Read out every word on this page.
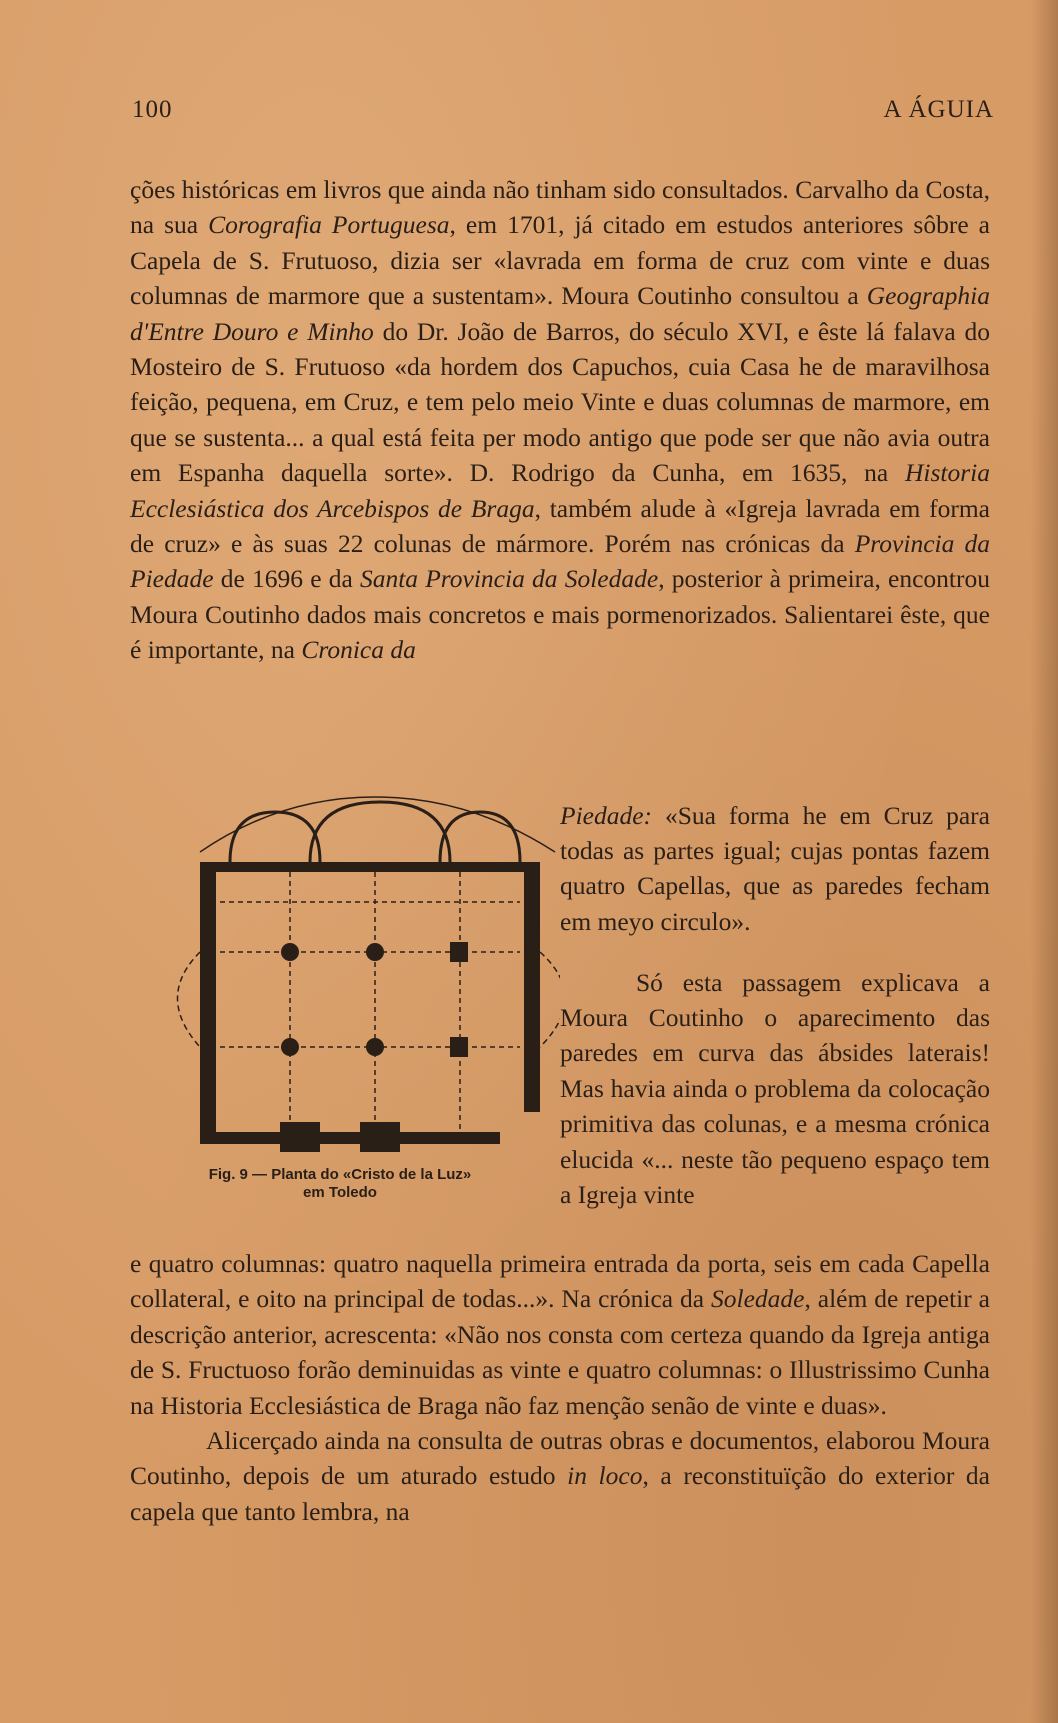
100	A ÁGUIA

ções históricas em livros que ainda não tinham sido consultados. Carvalho da Costa, na sua Corografia Portuguesa, em 1701, já citado em estudos anteriores sôbre a Capela de S. Frutuoso, dizia ser «lavrada em forma de cruz com vinte e duas columnas de marmore que a sustentam». Moura Coutinho consultou a Geographia d'Entre Douro e Minho do Dr. João de Barros, do século XVI, e êste lá falava do Mosteiro de S. Frutuoso «da hordem dos Capuchos, cuia Casa he de maravilhosa feição, pequena, em Cruz, e tem pelo meio Vinte e duas columnas de marmore, em que se sustenta... a qual está feita per modo antigo que pode ser que não avia outra em Espanha daquella sorte». D. Rodrigo da Cunha, em 1635, na Historia Ecclesiástica dos Arcebispos de Braga, também alude à «Igreja lavrada em forma de cruz» e às suas 22 colunas de mármore. Porém nas crónicas da Provincia da Piedade de 1696 e da Santa Provincia da Soledade, posterior à primeira, encontrou Moura Coutinho dados mais concretos e mais pormenorizados. Salientarei êste, que é importante, na Cronica da

Piedade: «Sua forma he em Cruz para todas as partes igual; cujas pontas fazem quatro Capellas, que as paredes fecham em meyo circulo».

Só esta passagem explicava a Moura Coutinho o aparecimento das paredes em curva das ábsides laterais! Mas havia ainda o problema da colocação primitiva das colunas, e a mesma crónica elucida «... neste tão pequeno espaço tem a Igreja vinte

Fig. 9 — Planta do «Cristo de la Luz»
em Toledo

e quatro columnas: quatro naquella primeira entrada da porta, seis em cada Capella collateral, e oito na principal de todas...». Na crónica da Soledade, além de repetir a descrição anterior, acrescenta: «Não nos consta com certeza quando da Igreja antiga de S. Fructuoso forão deminuidas as vinte e quatro columnas: o Illustrissimo Cunha na Historia Ecclesiástica de Braga não faz menção senão de vinte e duas».

Alicerçado ainda na consulta de outras obras e documentos, elaborou Moura Coutinho, depois de um aturado estudo in loco, a reconstituïção do exterior da capela que tanto lembra, na
